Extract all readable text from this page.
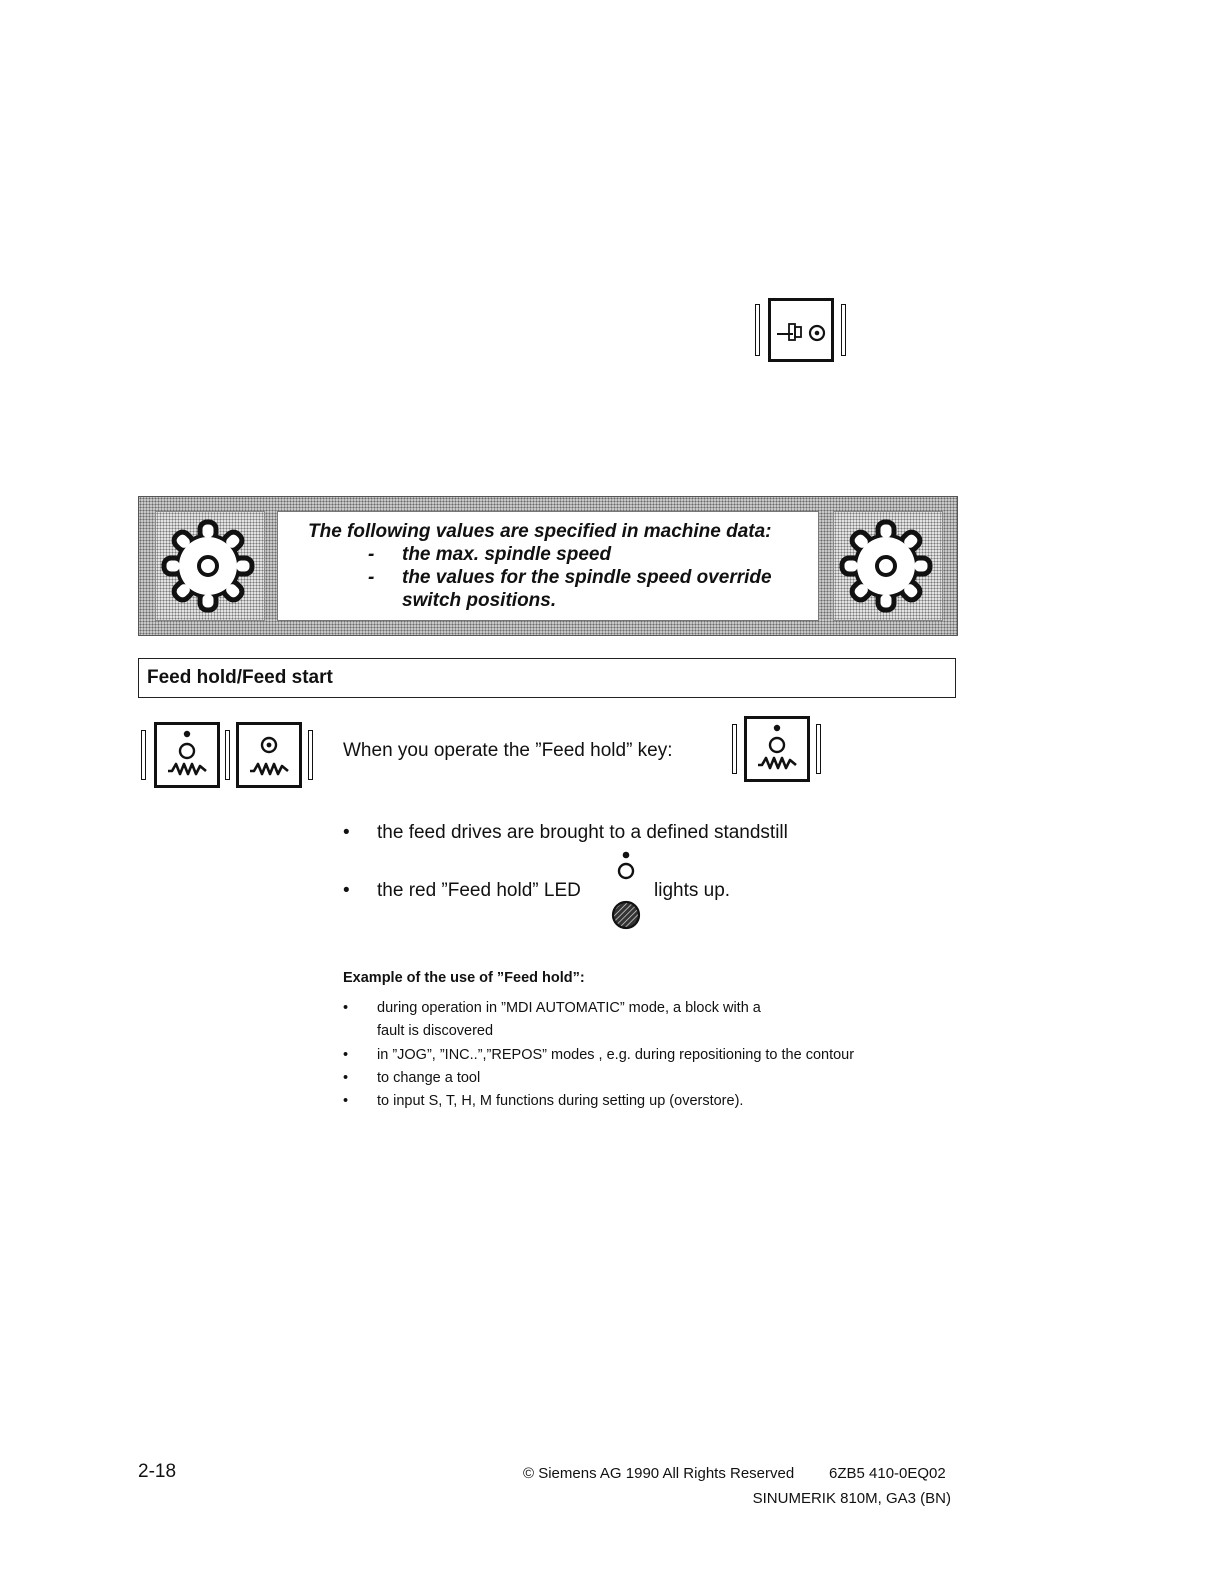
The following values are specified in machine data:
- the max. spindle speed
- the values for the spindle speed override
switch positions.
Feed hold/Feed start
When you operate the ”Feed hold” key:
• the feed drives are brought to a defined standstill
• the red ”Feed hold” LED	lights up.
Example of the use of ”Feed hold”:
• during operation in ”MDI AUTOMATIC” mode, a block with a
fault is discovered
• in ”JOG”, ”INC..”,”REPOS” modes , e.g. during repositioning to the contour
• to change a tool
• to input S, T, H, M functions during setting up (overstore).
2-18	© Siemens AG 1990 All Rights Reserved 6ZB5 410-0EQ02
SINUMERIK 810M, GA3 (BN)
